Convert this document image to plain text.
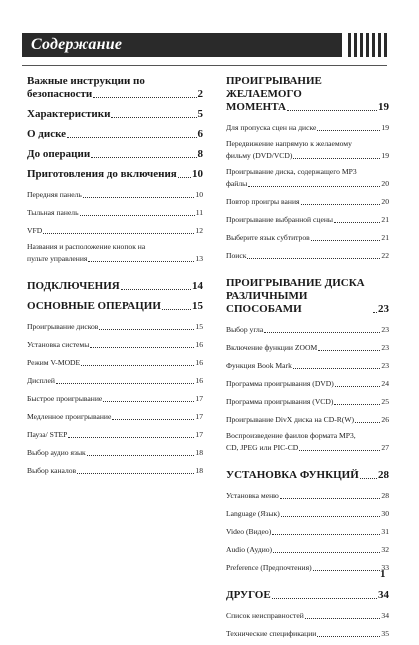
Содержание
Важные инструкции по
безопасности	2
Характеристики	5
О диске	6
До операции	8
Приготовления до включения 10
Передняя панель	10
Тыльная панель	11
VFD	12
Названия и расположение кнопок на
пульте управления	13
ПОДКЛЮЧЕНИЯ	14
ОСНОВНЫЕ ОПЕРАЦИИ	15
Проигрывание дисков	15
Установка системы	16
Режим V-MODE	16
Дисплей	16
Быстрое проигрывание	17
Медленное проигрывание	17
Пауза/ STEP	17
Выбор аудио язык	18
Выбор каналов	18
ПРОИГРЫВАНИЕ ЖЕЛАЕМОГО
МОМЕНТА	19
Для пропуска сцен на диске	19
Передвижение напрямую к желаемому
фильму (DVD/VCD)	19
Проигрывание диска, содержащего MP3
файлы	20
Повтор проигры вания	20
Проигрывание выбранной сцены	21
Выберите язык субтитров	21
Поиск	22
ПРОИГРЫВАНИЕ ДИСКА
РАЗЛИЧНЫМИ СПОСОБАМИ	23
Выбор угла	23
Включение функции ZOOM	23
Функция Book Mark	23
Программа проигрывания (DVD)	24
Программа проигрывания (VCD)	25
Проигрывание DivX диска на CD-R(W)	26
Воспроизведение фаилов формата MP3,
CD, JPEG или PIC-CD	27
УСТАНОВКА ФУНКЦИЙ 28
Установка меню	28
Language (Язык)	30
Video (Видео)	31
Audio (Аудио)	32
Preference (Предпочтения)	33
ДРУГОЕ	34
Список неисправностей	34
Технические спецификации	35
1
